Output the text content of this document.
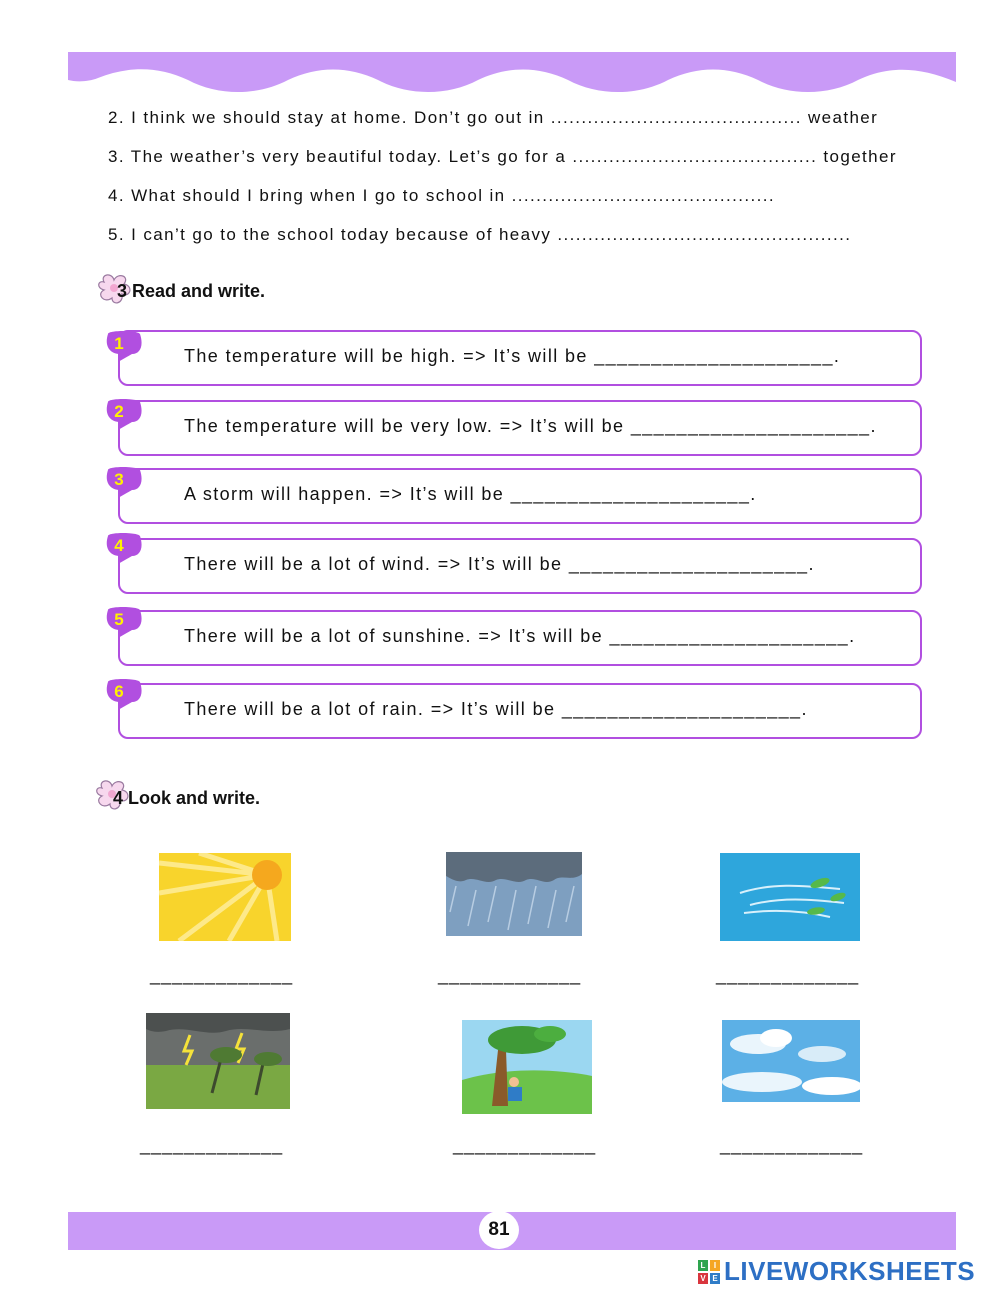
2. I think we should stay at home. Don’t go out in ......................................... weather
3. The weather’s very beautiful today. Let’s go for a ........................................ together
4. What should I bring when I go to school in ...........................................
5. I can’t go to the school today because of heavy ................................................
3 Read and write.
The temperature will be high. => It’s will be _____________________.
The temperature will be very low. => It’s will be _____________________.
A storm will happen. => It’s will be _____________________.
There will be a lot of wind. => It’s will be _____________________.
There will be a lot of sunshine. => It’s will be _____________________.
There will be a lot of rain. => It’s will be _____________________.
1
2
3
4
5
6
4 Look and write.
_____________	_____________	_____________
_____________	_____________	_____________
81
L	I
V E LIVEWORKSHEETS
